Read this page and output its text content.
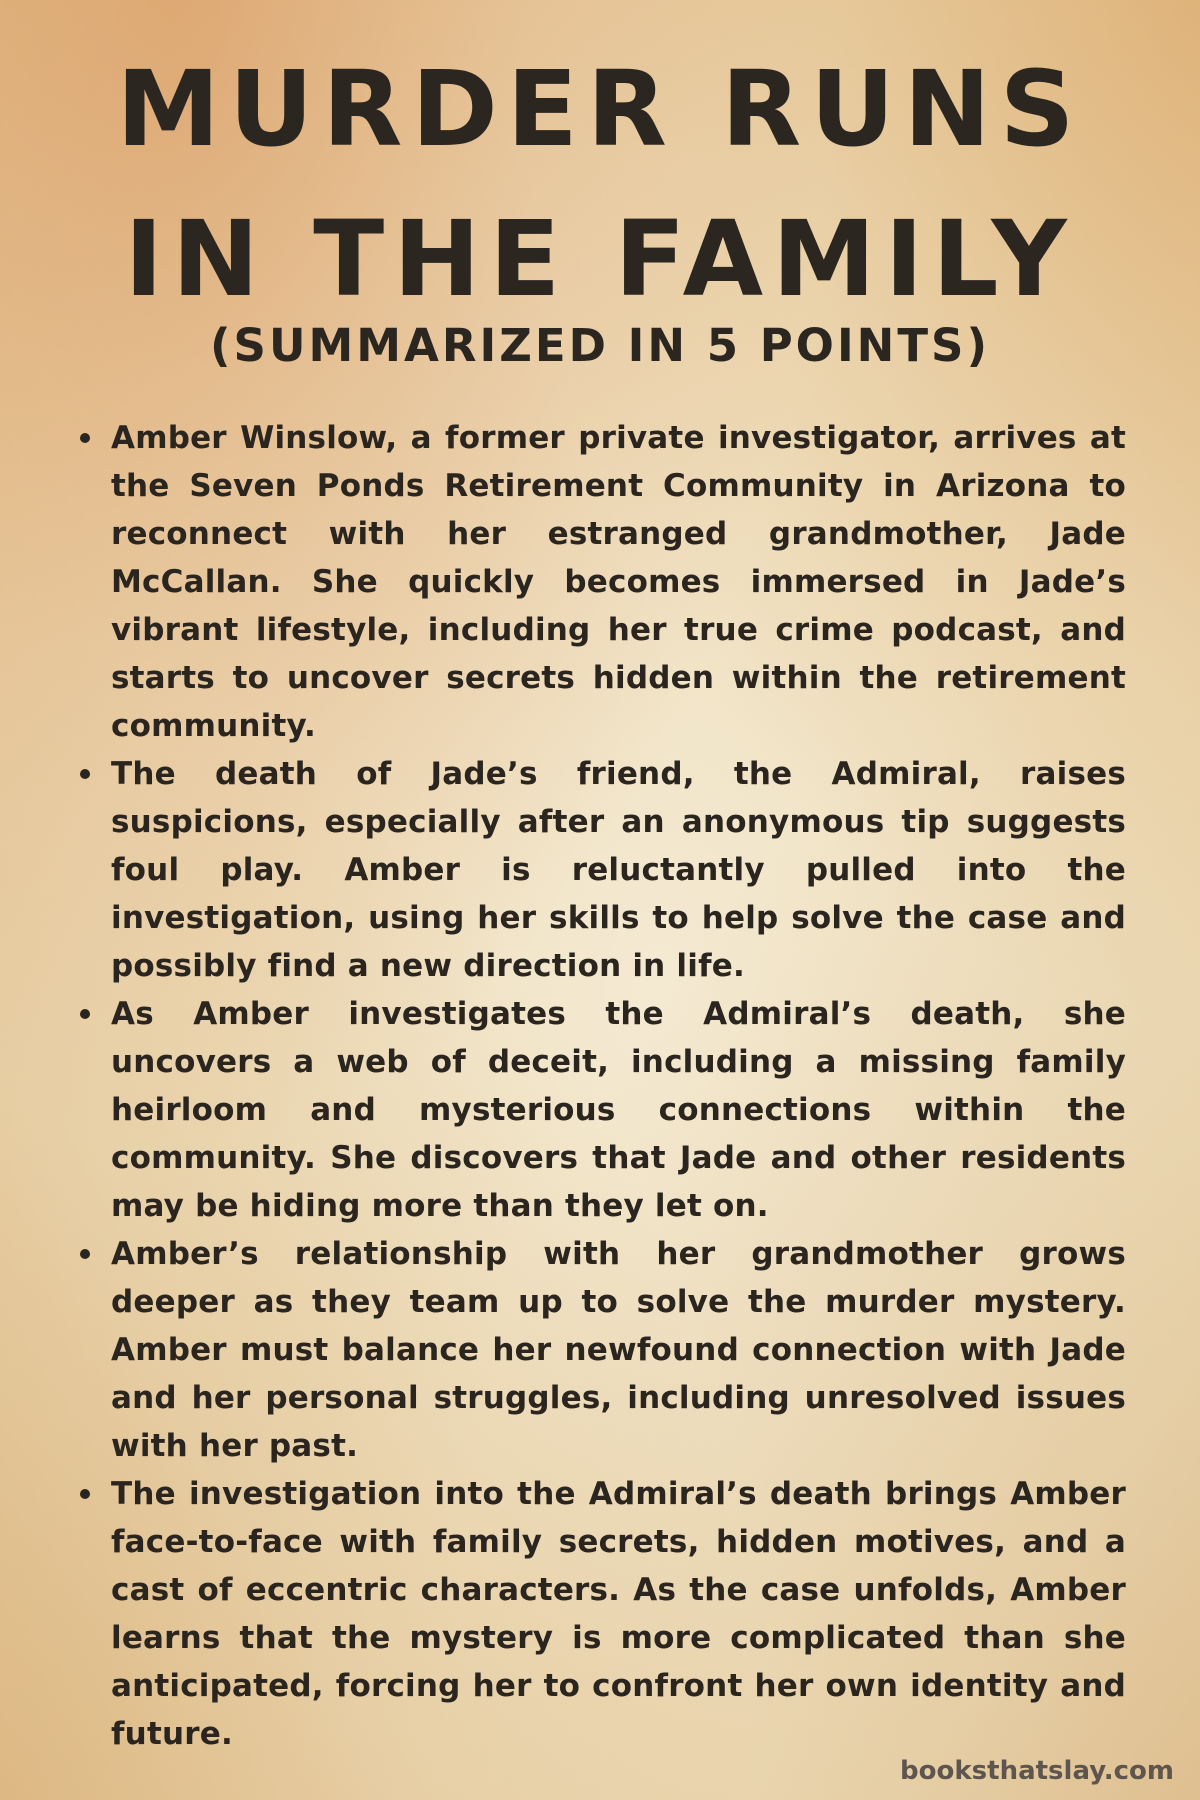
MURDER RUNS IN THE FAMILY
(SUMMARIZED IN 5 POINTS)
Amber Winslow, a former private investigator, arrives at the Seven Ponds Retirement Community in Arizona to reconnect with her estranged grandmother, Jade McCallan. She quickly becomes immersed in Jade’s vibrant lifestyle, including her true crime podcast, and starts to uncover secrets hidden within the retirement community.
The death of Jade’s friend, the Admiral, raises suspicions, especially after an anonymous tip suggests foul play. Amber is reluctantly pulled into the investigation, using her skills to help solve the case and possibly find a new direction in life.
As Amber investigates the Admiral’s death, she uncovers a web of deceit, including a missing family heirloom and mysterious connections within the community. She discovers that Jade and other residents may be hiding more than they let on.
Amber’s relationship with her grandmother grows deeper as they team up to solve the murder mystery. Amber must balance her newfound connection with Jade and her personal struggles, including unresolved issues with her past.
The investigation into the Admiral’s death brings Amber face-to-face with family secrets, hidden motives, and a cast of eccentric characters. As the case unfolds, Amber learns that the mystery is more complicated than she anticipated, forcing her to confront her own identity and future.
booksthatslay.com
